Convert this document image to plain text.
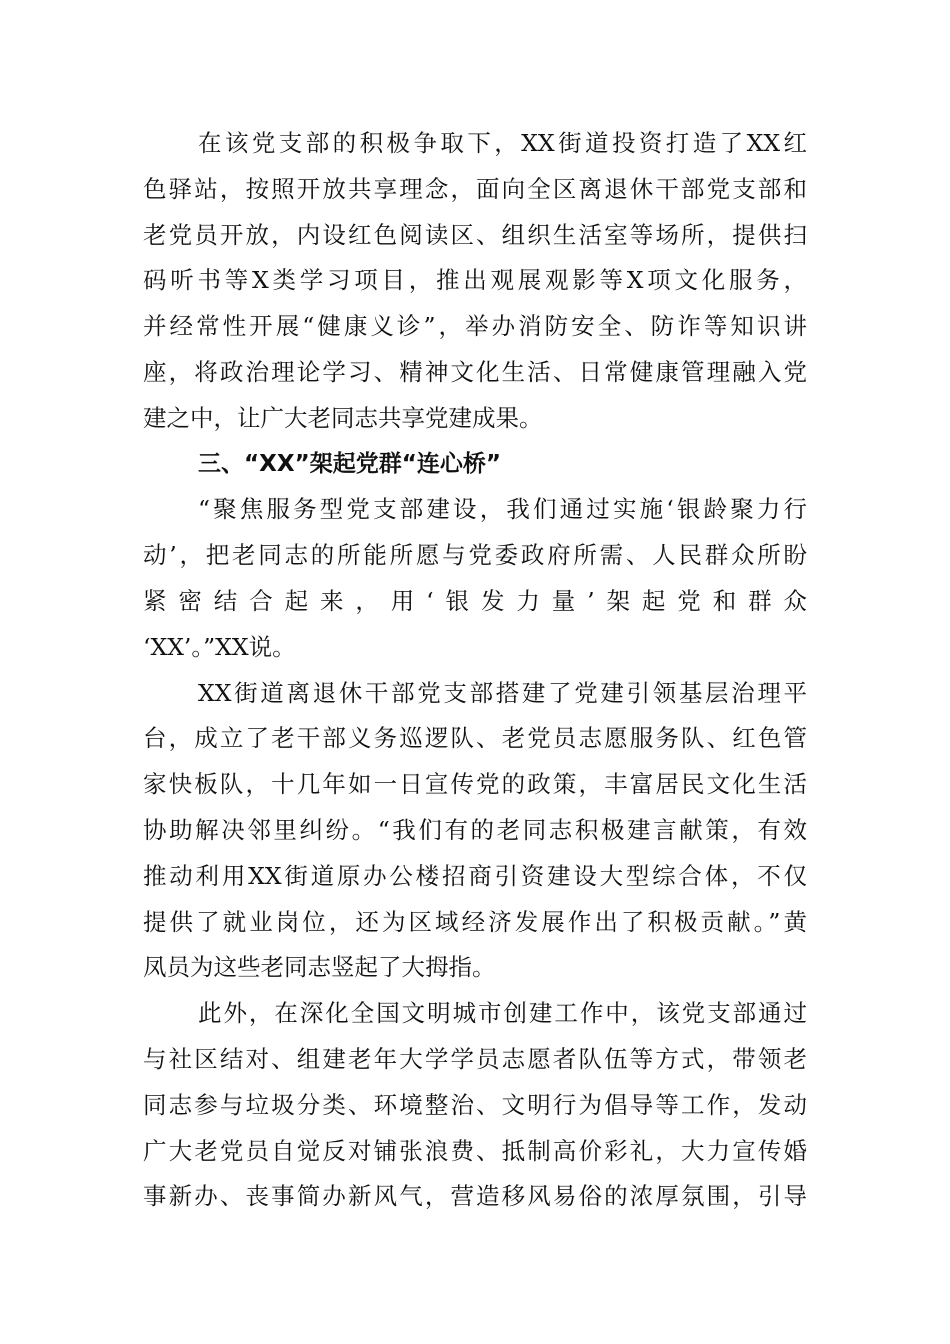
在该党支部的积极争取下，XX街道投资打造了XX红
色驿站，按照开放共享理念，面向全区离退休干部党支部和
老党员开放，内设红色阅读区、组织生活室等场所，提供扫
码听书等X类学习项目，推出观展观影等X项文化服务，
并经常性开展“健康义诊”，举办消防安全、防诈等知识讲
座，将政治理论学习、精神文化生活、日常健康管理融入党
建之中，让广大老同志共享党建成果。
三、“XX”架起党群“连心桥”
“聚焦服务型党支部建设，我们通过实施‘银龄聚力行
动’，把老同志的所能所愿与党委政府所需、人民群众所盼
紧密结合起来，用‘银发力量’架起党和群众
‘XX’。”XX说。
XX街道离退休干部党支部搭建了党建引领基层治理平
台，成立了老干部义务巡逻队、老党员志愿服务队、红色管
家快板队，十几年如一日宣传党的政策，丰富居民文化生活
协助解决邻里纠纷。“我们有的老同志积极建言献策，有效
推动利用XX街道原办公楼招商引资建设大型综合体，不仅
提供了就业岗位，还为区域经济发展作出了积极贡献。”黄
凤员为这些老同志竖起了大拇指。
此外，在深化全国文明城市创建工作中，该党支部通过
与社区结对、组建老年大学学员志愿者队伍等方式，带领老
同志参与垃圾分类、环境整治、文明行为倡导等工作，发动
广大老党员自觉反对铺张浪费、抵制高价彩礼，大力宣传婚
事新办、丧事简办新风气，营造移风易俗的浓厚氛围，引导
